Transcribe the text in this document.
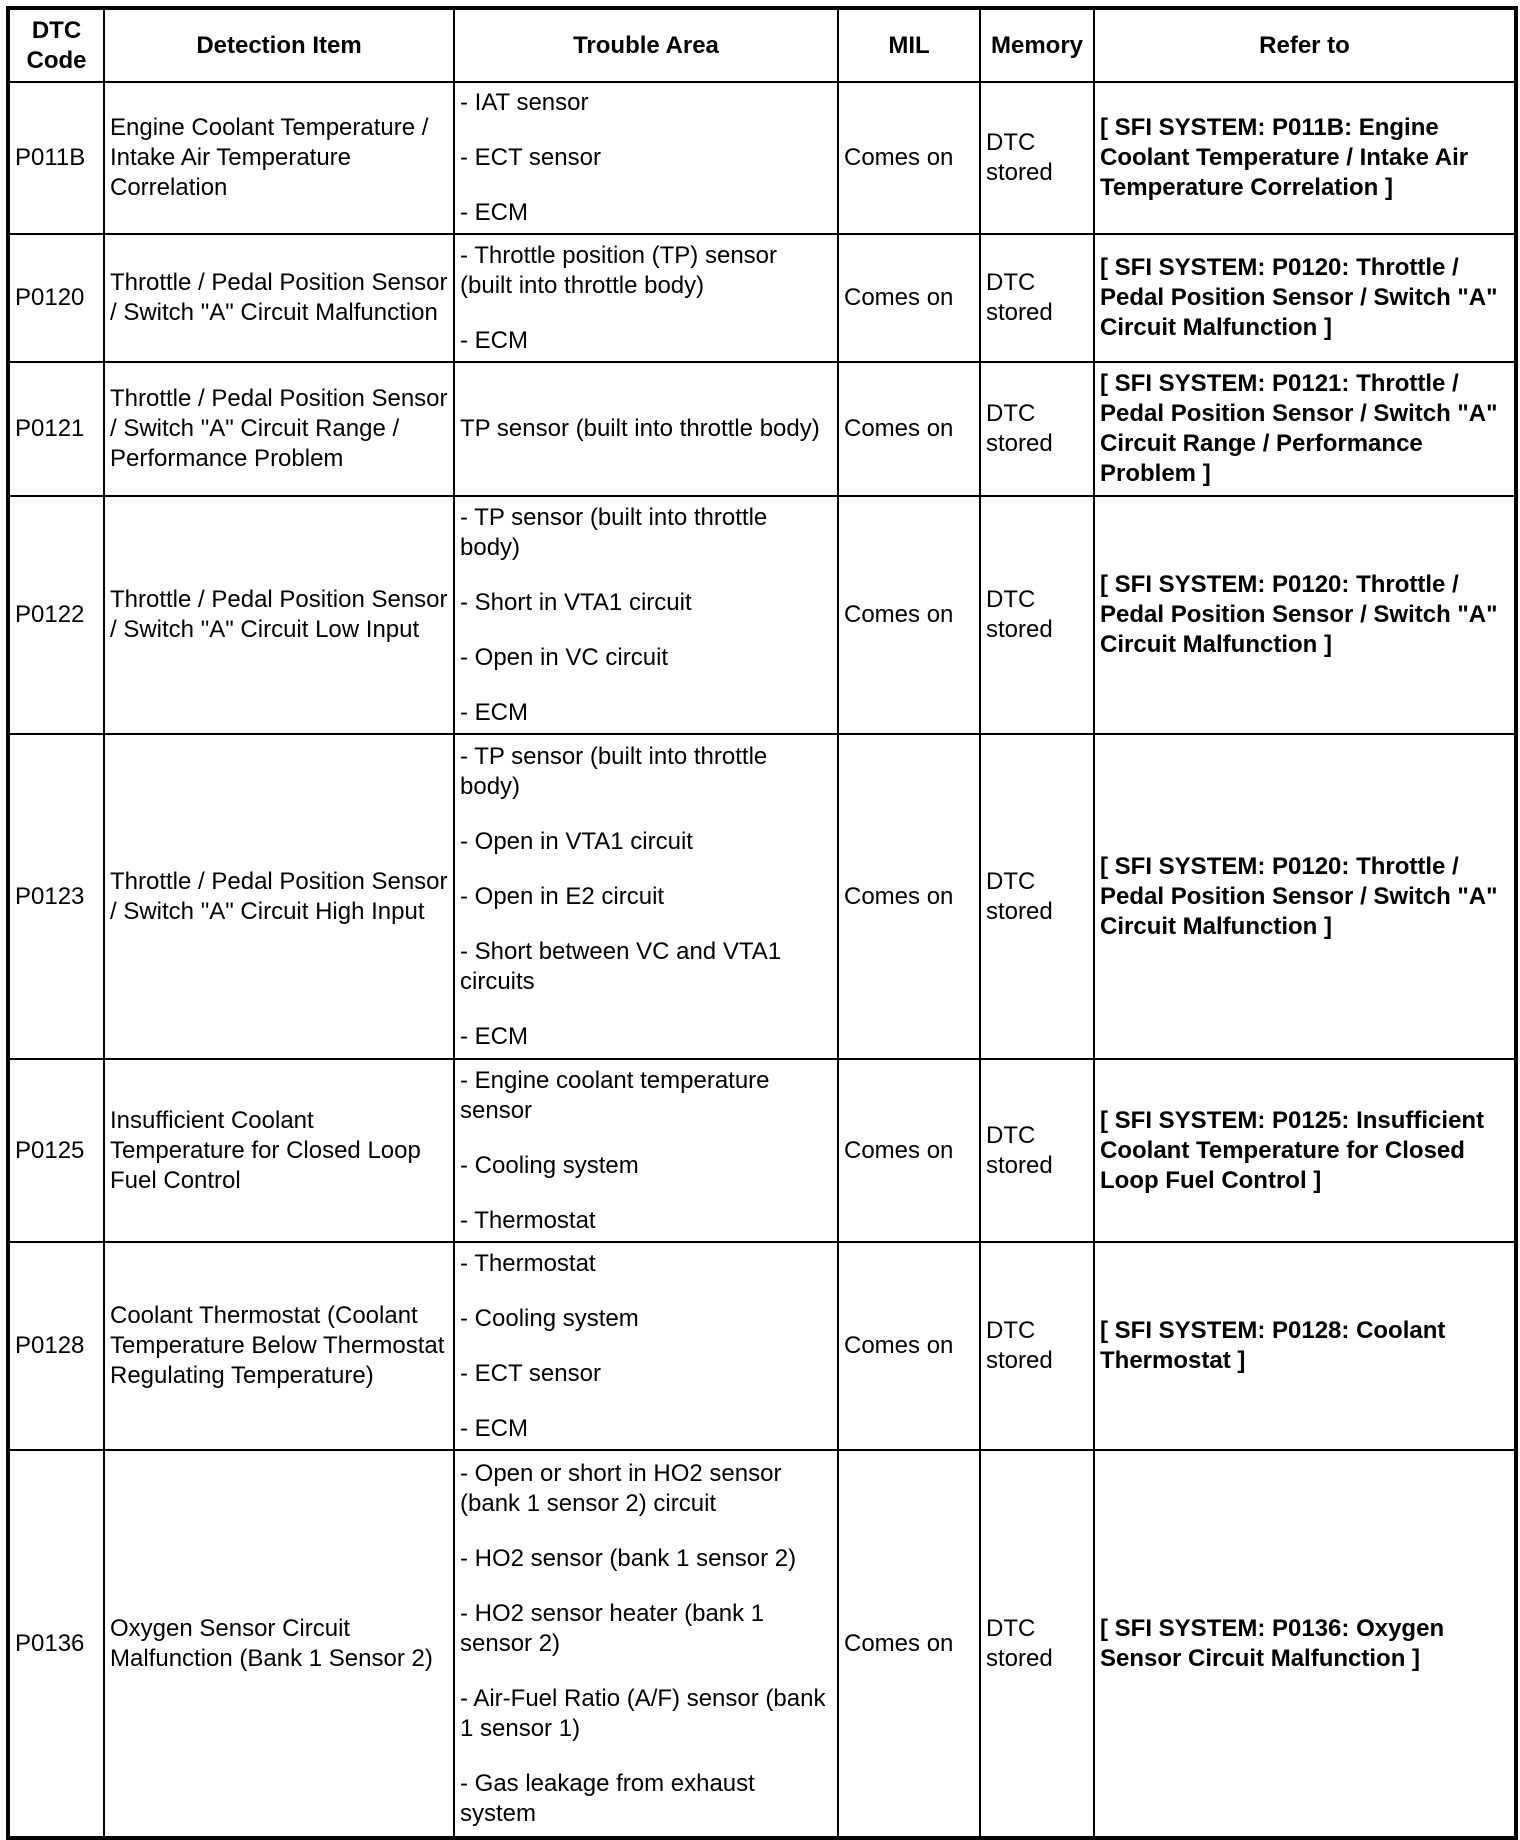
DTC Code	Detection Item	Trouble Area	MIL	Memory	Refer to
P011B	Engine Coolant Temperature / Intake Air Temperature Correlation	- IAT sensor
- ECT sensor
- ECM	Comes on	DTC stored	[ SFI SYSTEM: P011B: Engine Coolant Temperature / Intake Air Temperature Correlation ]
P0120	Throttle / Pedal Position Sensor / Switch "A" Circuit Malfunction	- Throttle position (TP) sensor (built into throttle body)
- ECM	Comes on	DTC stored	[ SFI SYSTEM: P0120: Throttle / Pedal Position Sensor / Switch "A" Circuit Malfunction ]
P0121	Throttle / Pedal Position Sensor / Switch "A" Circuit Range / Performance Problem	TP sensor (built into throttle body)	Comes on	DTC stored	[ SFI SYSTEM: P0121: Throttle / Pedal Position Sensor / Switch "A" Circuit Range / Performance Problem ]
P0122	Throttle / Pedal Position Sensor / Switch "A" Circuit Low Input	- TP sensor (built into throttle body)
- Short in VTA1 circuit
- Open in VC circuit
- ECM	Comes on	DTC stored	[ SFI SYSTEM: P0120: Throttle / Pedal Position Sensor / Switch "A" Circuit Malfunction ]
P0123	Throttle / Pedal Position Sensor / Switch "A" Circuit High Input	- TP sensor (built into throttle body)
- Open in VTA1 circuit
- Open in E2 circuit
- Short between VC and VTA1 circuits
- ECM	Comes on	DTC stored	[ SFI SYSTEM: P0120: Throttle / Pedal Position Sensor / Switch "A" Circuit Malfunction ]
P0125	Insufficient Coolant Temperature for Closed Loop Fuel Control	- Engine coolant temperature sensor
- Cooling system
- Thermostat	Comes on	DTC stored	[ SFI SYSTEM: P0125: Insufficient Coolant Temperature for Closed Loop Fuel Control ]
P0128	Coolant Thermostat (Coolant Temperature Below Thermostat Regulating Temperature)	- Thermostat
- Cooling system
- ECT sensor
- ECM	Comes on	DTC stored	[ SFI SYSTEM: P0128: Coolant Thermostat ]
P0136	Oxygen Sensor Circuit Malfunction (Bank 1 Sensor 2)	- Open or short in HO2 sensor (bank 1 sensor 2) circuit
- HO2 sensor (bank 1 sensor 2)
- HO2 sensor heater (bank 1 sensor 2)
- Air-Fuel Ratio (A/F) sensor (bank 1 sensor 1)
- Gas leakage from exhaust system	Comes on	DTC stored	[ SFI SYSTEM: P0136: Oxygen Sensor Circuit Malfunction ]
